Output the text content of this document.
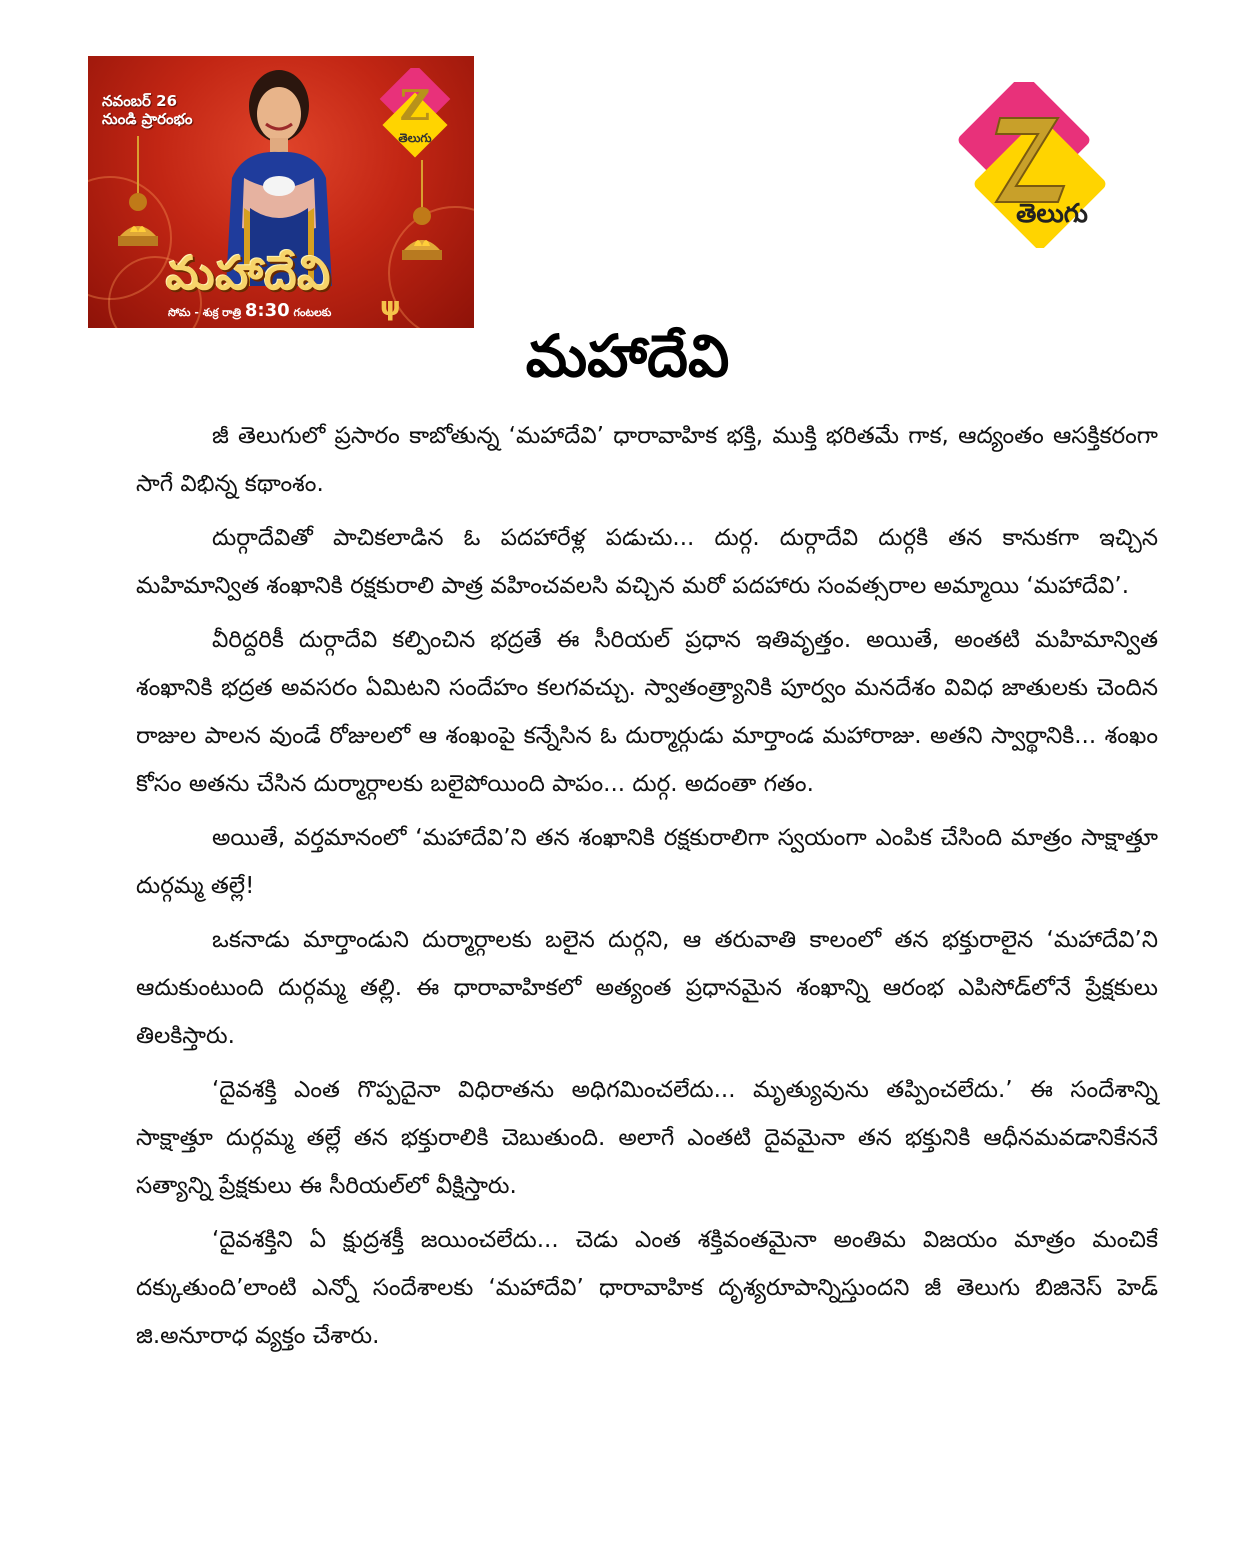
నవంబర్ 26
నుండి ప్రారంభం	Z
తెలుగు
మహాదేవి
ψ
సోమ - శుక్ర రాత్రి 8:30 గంటలకు
తెలుగు
మహాదేవి

జీ తెలుగులో ప్రసారం కాబోతున్న ‘మహాదేవి’ ధారావాహిక భక్తి, ముక్తి భరితమే గాక, ఆద్యంతం ఆసక్తికరంగా సాగే విభిన్న కథాంశం.

దుర్గాదేవితో పాచికలాడిన ఓ పదహారేళ్ల పడుచు... దుర్గ. దుర్గాదేవి దుర్గకి తన కానుకగా ఇచ్చిన మహిమాన్విత శంఖానికి రక్షకురాలి పాత్ర వహించవలసి వచ్చిన మరో పదహారు సంవత్సరాల అమ్మాయి ‘మహాదేవి’.

వీరిద్దరికీ దుర్గాదేవి కల్పించిన భద్రతే ఈ సీరియల్ ప్రధాన ఇతివృత్తం. అయితే, అంతటి మహిమాన్విత శంఖానికి భద్రత అవసరం ఏమిటని సందేహం కలగవచ్చు. స్వాతంత్ర్యానికి పూర్వం మనదేశం వివిధ జాతులకు చెందిన రాజుల పాలన వుండే రోజులలో ఆ శంఖంపై కన్నేసిన ఓ దుర్మార్గుడు మార్తాండ మహారాజు. అతని స్వార్థానికి... శంఖం కోసం అతను చేసిన దుర్మార్గాలకు బలైపోయింది పాపం... దుర్గ. అదంతా గతం.

అయితే, వర్తమానంలో ‘మహాదేవి’ని తన శంఖానికి రక్షకురాలిగా స్వయంగా ఎంపిక చేసింది మాత్రం సాక్షాత్తూ దుర్గమ్మ తల్లే!

ఒకనాడు మార్తాండుని దుర్మార్గాలకు బలైన దుర్గని, ఆ తరువాతి కాలంలో తన భక్తురాలైన ‘మహాదేవి’ని ఆదుకుంటుంది దుర్గమ్మ తల్లి. ఈ ధారావాహికలో అత్యంత ప్రధానమైన శంఖాన్ని ఆరంభ ఎపిసోడ్‌లోనే ప్రేక్షకులు తిలకిస్తారు.

‘దైవశక్తి ఎంత గొప్పదైనా విధిరాతను అధిగమించలేదు... మృత్యువును తప్పించలేదు.’ ఈ సందేశాన్ని సాక్షాత్తూ దుర్గమ్మ తల్లే తన భక్తురాలికి చెబుతుంది. అలాగే ఎంతటి దైవమైనా తన భక్తునికి ఆధీనమవడానికేననే సత్యాన్ని ప్రేక్షకులు ఈ సీరియల్‌లో వీక్షిస్తారు.

‘దైవశక్తిని ఏ క్షుద్రశక్తీ జయించలేదు... చెడు ఎంత శక్తివంతమైనా అంతిమ విజయం మాత్రం మంచికే దక్కుతుంది’లాంటి ఎన్నో సందేశాలకు ‘మహాదేవి’ ధారావాహిక దృశ్యరూపాన్నిస్తుందని జీ తెలుగు బిజినెస్ హెడ్ జి.అనూరాధ వ్యక్తం చేశారు.
